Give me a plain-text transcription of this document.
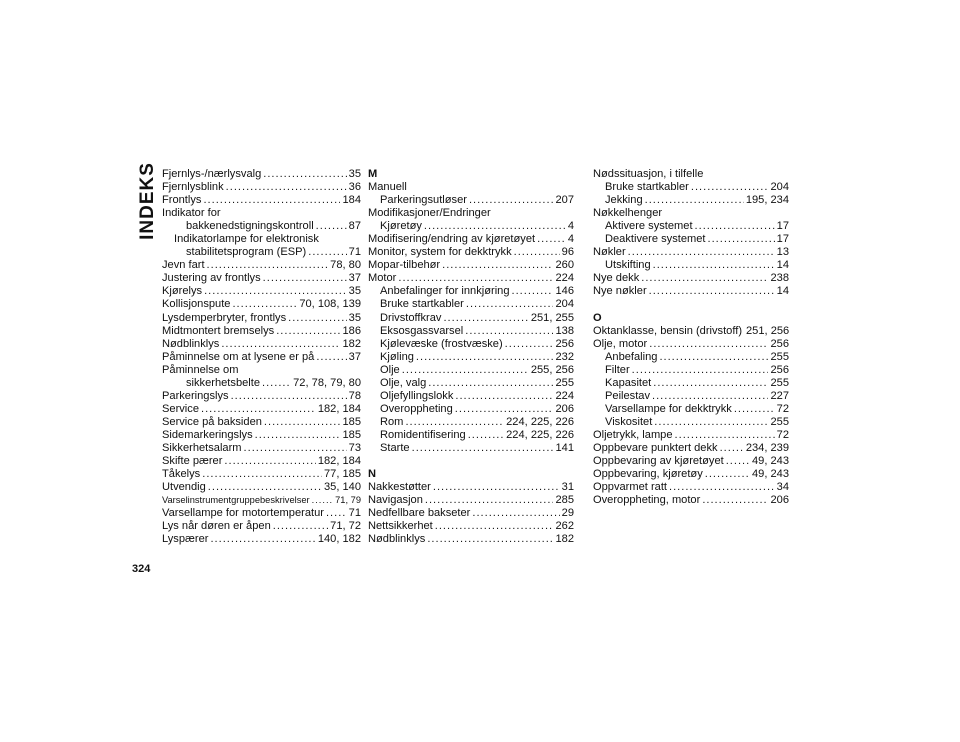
INDEKS Fjernlys-/nærlysvalg .....	35
Fjernlysblink .....	36
Frontlys .....	184
Indikator for
bakkenedstigningskontroll .....	87
Indikatorlampe for elektronisk
stabilitetsprogram (ESP) .....	71
Jevn fart .....	78, 80
Justering av frontlys .....	37
Kjørelys .....	35
Kollisjonspute .....	70, 108, 139
Lysdemperbryter, frontlys .....	35
Midtmontert bremselys .....	186
Nødblinklys .....	182
Påminnelse om at lysene er på .....	37
Påminnelse om
sikkerhetsbelte .....	72, 78, 79, 80
Parkeringslys .....	78
Service .....	182, 184
Service på baksiden .....	185
Sidemarkeringslys .....	185
Sikkerhetsalarm .....	73
Skifte pærer .....	182, 184
Tåkelys .....	77, 185
Utvendig .....	35, 140
Varselinstrumentgruppebeskrivelser .....	71, 79
Varsellampe for motortemperatur ..... 71
Lys når døren er åpen .....	71, 72
Lyspærer .....	140, 182
M
Manuell
Parkeringsutløser .....	207
Modifikasjoner/Endringer
Kjøretøy .....	4
Modifisering/endring av kjøretøyet .....	4
Monitor, system for dekktrykk .....	96
Mopar-tilbehør .....	260
Motor .....	224
Anbefalinger for innkjøring .....	146
Bruke startkabler .....	204
Drivstoffkrav .....	251, 255
Eksosgassvarsel .....	138
Kjølevæske (frostvæske) .....	256
Kjøling .....	232
Olje .....	255, 256
Olje, valg .....	255
Oljefyllingslokk .....	224
Overoppheting .....	206
Rom .....	224, 225, 226
Romidentifisering .....	224, 225, 226
Starte .....	141
N
Nakkestøtter .....	31
Navigasjon .....	285
Nedfellbare bakseter .....	29
Nettsikkerhet .....	262
Nødblinklys .....	182
Nødssituasjon, i tilfelle
Bruke startkabler .....	204
Jekking .....	195, 234
Nøkkelhenger
Aktivere systemet .....	17
Deaktivere systemet .....	17
Nøkler .....	13
Utskifting .....	14
Nye dekk .....	238
Nye nøkler .....	14
O
Oktanklasse, bensin (drivstoff) 251, 256
Olje, motor .....	256
Anbefaling .....	255
Filter .....	256
Kapasitet .....	255
Peilestav .....	227
Varsellampe for dekktrykk .....	72
Viskositet .....	255
Oljetrykk, lampe .....	72
Oppbevare punktert dekk .....	234, 239
Oppbevaring av kjøretøyet .....	49, 243
Oppbevaring, kjøretøy .....	49, 243
Oppvarmet ratt .....	34
Overoppheting, motor .....	206
324
